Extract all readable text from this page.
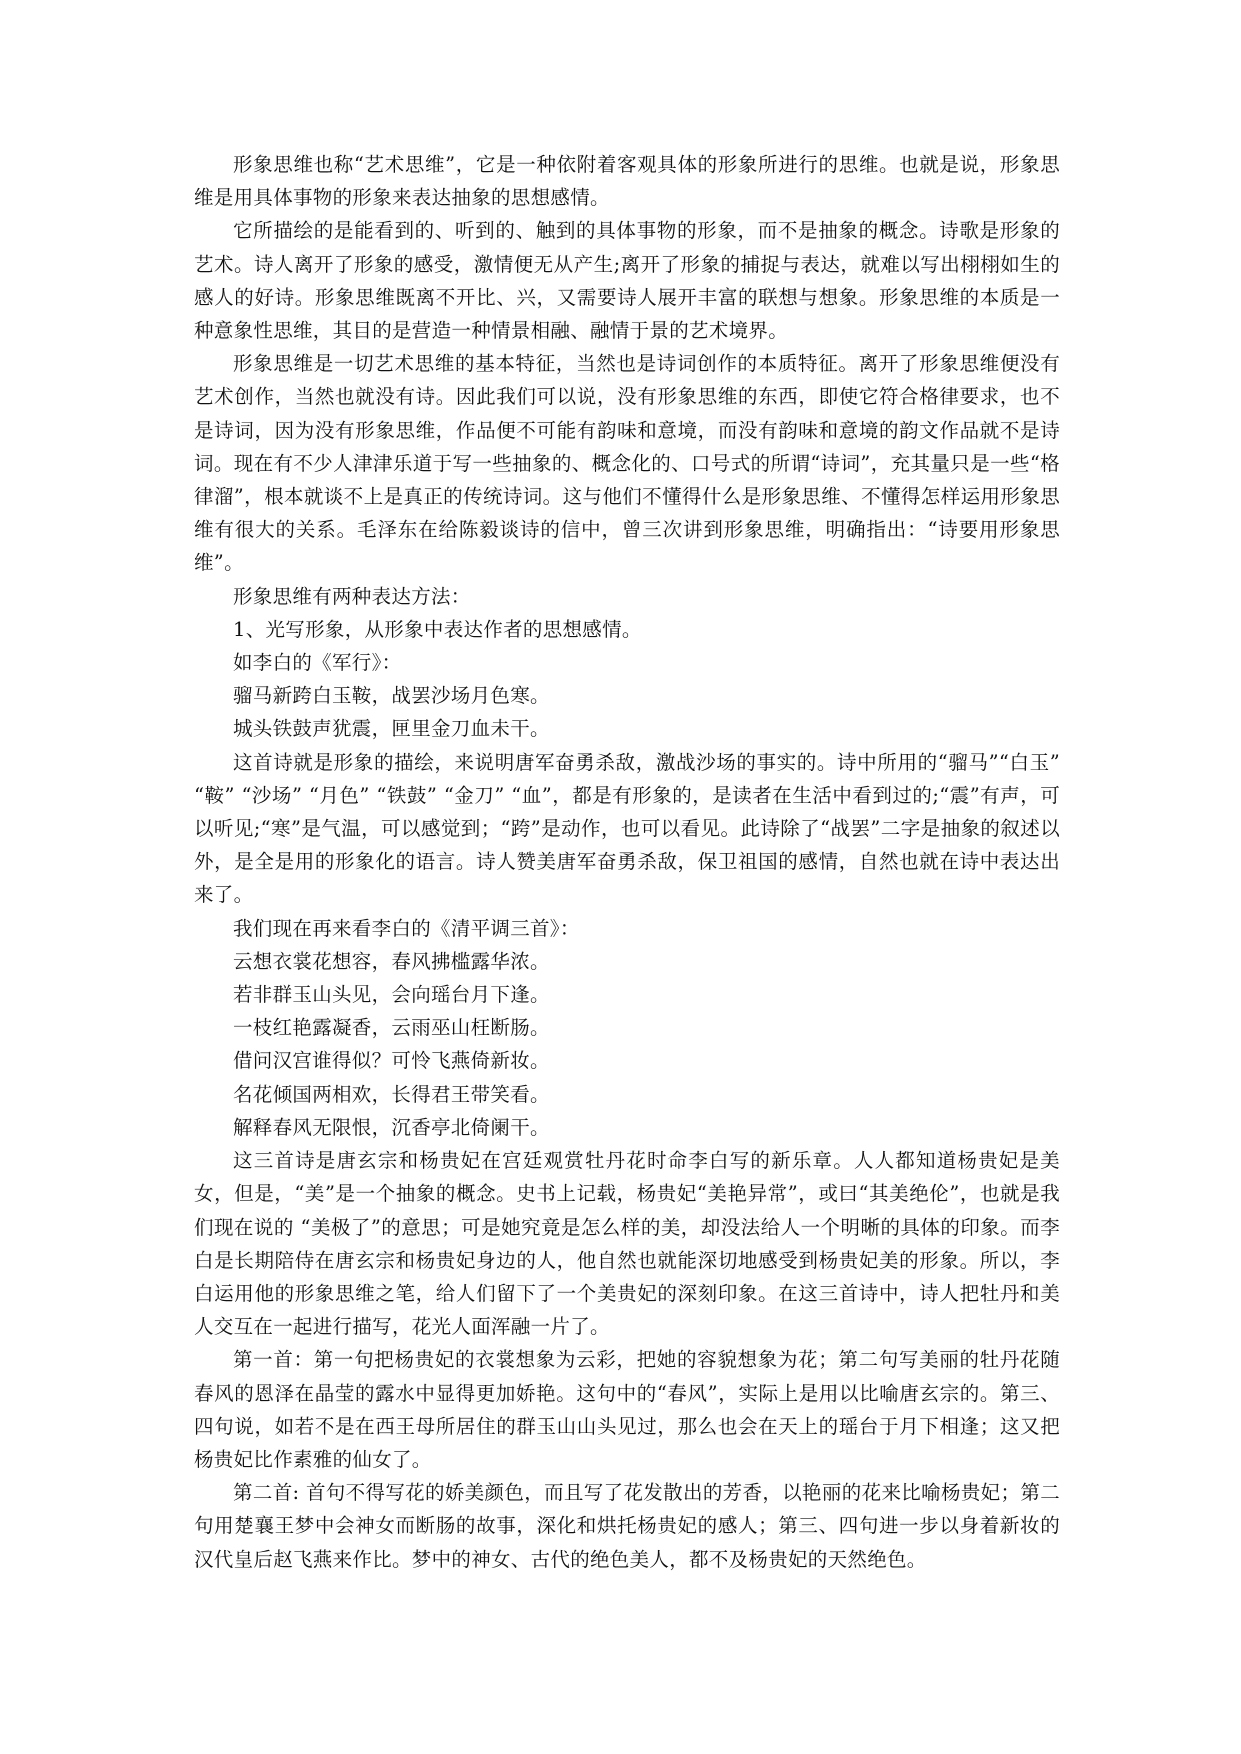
形象思维也称“艺术思维”，它是一种依附着客观具体的形象所进行的思维。也就是说，形象思维是用具体事物的形象来表达抽象的思想感情。

它所描绘的是能看到的、听到的、触到的具体事物的形象，而不是抽象的概念。诗歌是形象的艺术。诗人离开了形象的感受，激情便无从产生;离开了形象的捕捉与表达，就难以写出栩栩如生的感人的好诗。形象思维既离不开比、兴，又需要诗人展开丰富的联想与想象。形象思维的本质是一种意象性思维，其目的是营造一种情景相融、融情于景的艺术境界。

形象思维是一切艺术思维的基本特征，当然也是诗词创作的本质特征。离开了形象思维便没有艺术创作，当然也就没有诗。因此我们可以说，没有形象思维的东西，即使它符合格律要求，也不是诗词，因为没有形象思维，作品便不可能有韵味和意境，而没有韵味和意境的韵文作品就不是诗词。现在有不少人津津乐道于写一些抽象的、概念化的、口号式的所谓“诗词”，充其量只是一些“格律溜”，根本就谈不上是真正的传统诗词。这与他们不懂得什么是形象思维、不懂得怎样运用形象思维有很大的关系。毛泽东在给陈毅谈诗的信中，曾三次讲到形象思维，明确指出：“诗要用形象思维”。

形象思维有两种表达方法：

1、光写形象，从形象中表达作者的思想感情。

如李白的《军行》：

骝马新跨白玉鞍，战罢沙场月色寒。

城头铁鼓声犹震，匣里金刀血未干。

这首诗就是形象的描绘，来说明唐军奋勇杀敌，激战沙场的事实的。诗中所用的“骝马”“白玉” “鞍” “沙场” “月色” “铁鼓” “金刀” “血”，都是有形象的，是读者在生活中看到过的;“震”有声，可以听见;“寒”是气温，可以感觉到；“跨”是动作，也可以看见。此诗除了“战罢”二字是抽象的叙述以外，是全是用的形象化的语言。诗人赞美唐军奋勇杀敌，保卫祖国的感情，自然也就在诗中表达出来了。

我们现在再来看李白的《清平调三首》：

云想衣裳花想容，春风拂槛露华浓。

若非群玉山头见，会向瑶台月下逢。

一枝红艳露凝香，云雨巫山枉断肠。

借问汉宫谁得似？可怜飞燕倚新妆。

名花倾国两相欢，长得君王带笑看。

解释春风无限恨，沉香亭北倚阑干。

这三首诗是唐玄宗和杨贵妃在宫廷观赏牡丹花时命李白写的新乐章。人人都知道杨贵妃是美女，但是，“美”是一个抽象的概念。史书上记载，杨贵妃“美艳异常”，或曰“其美绝伦”，也就是我们现在说的 “美极了”的意思；可是她究竟是怎么样的美，却没法给人一个明晰的具体的印象。而李白是长期陪侍在唐玄宗和杨贵妃身边的人，他自然也就能深切地感受到杨贵妃美的形象。所以，李白运用他的形象思维之笔，给人们留下了一个美贵妃的深刻印象。在这三首诗中，诗人把牡丹和美人交互在一起进行描写，花光人面浑融一片了。

第一首：第一句把杨贵妃的衣裳想象为云彩，把她的容貌想象为花；第二句写美丽的牡丹花随春风的恩泽在晶莹的露水中显得更加娇艳。这句中的“春风”，实际上是用以比喻唐玄宗的。第三、四句说，如若不是在西王母所居住的群玉山山头见过，那么也会在天上的瑶台于月下相逢；这又把杨贵妃比作素雅的仙女了。

第二首: 首句不得写花的娇美颜色，而且写了花发散出的芳香，以艳丽的花来比喻杨贵妃；第二句用楚襄王梦中会神女而断肠的故事，深化和烘托杨贵妃的感人；第三、四句进一步以身着新妆的汉代皇后赵飞燕来作比。梦中的神女、古代的绝色美人，都不及杨贵妃的天然绝色。
